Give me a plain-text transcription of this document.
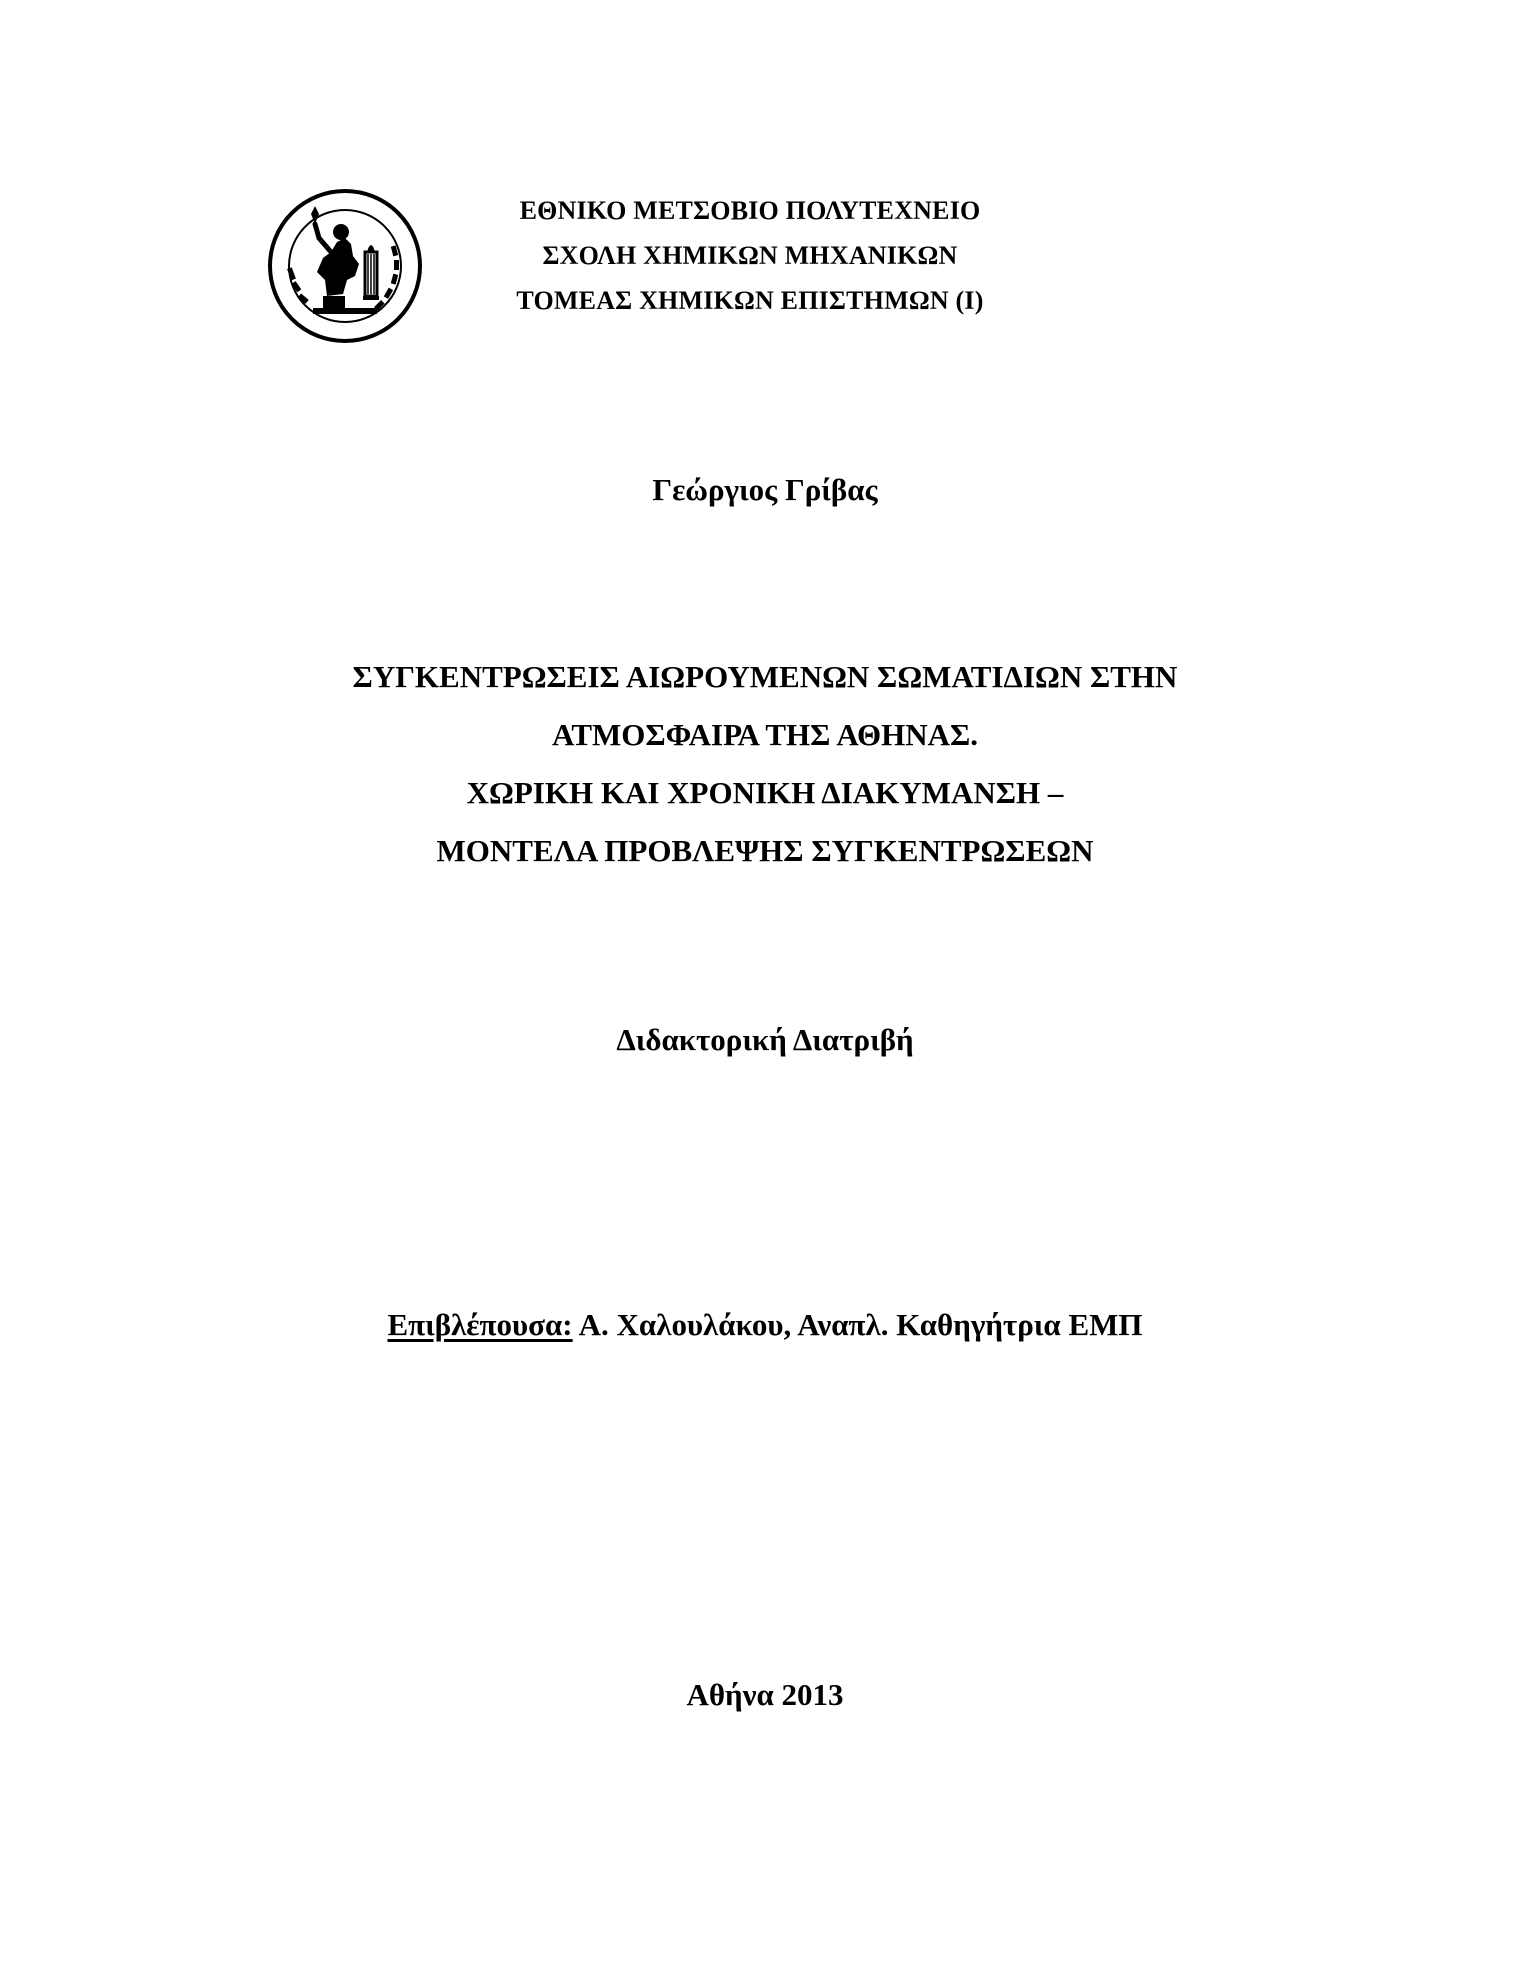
ΕΘΝΙΚΟ ΜΕΤΣΟΒΙΟ ΠΟΛΥΤΕΧΝΕΙΟ
ΣΧΟΛΗ ΧΗΜΙΚΩΝ ΜΗΧΑΝΙΚΩΝ
ΤΟΜΕΑΣ ΧΗΜΙΚΩΝ ΕΠΙΣΤΗΜΩΝ (Ι)
Γεώργιος Γρίβας
ΣΥΓΚΕΝΤΡΩΣΕΙΣ ΑΙΩΡΟΥΜΕΝΩΝ ΣΩΜΑΤΙΔΙΩΝ ΣΤΗΝ
ΑΤΜΟΣΦΑΙΡΑ ΤΗΣ ΑΘΗΝΑΣ.
ΧΩΡΙΚΗ ΚΑΙ ΧΡΟΝΙΚΗ ΔΙΑΚΥΜΑΝΣΗ –
ΜΟΝΤΕΛΑ ΠΡΟΒΛΕΨΗΣ ΣΥΓΚΕΝΤΡΩΣΕΩΝ
Διδακτορική Διατριβή
Επιβλέπουσα: Α. Χαλουλάκου, Αναπλ. Καθηγήτρια ΕΜΠ
Αθήνα 2013
